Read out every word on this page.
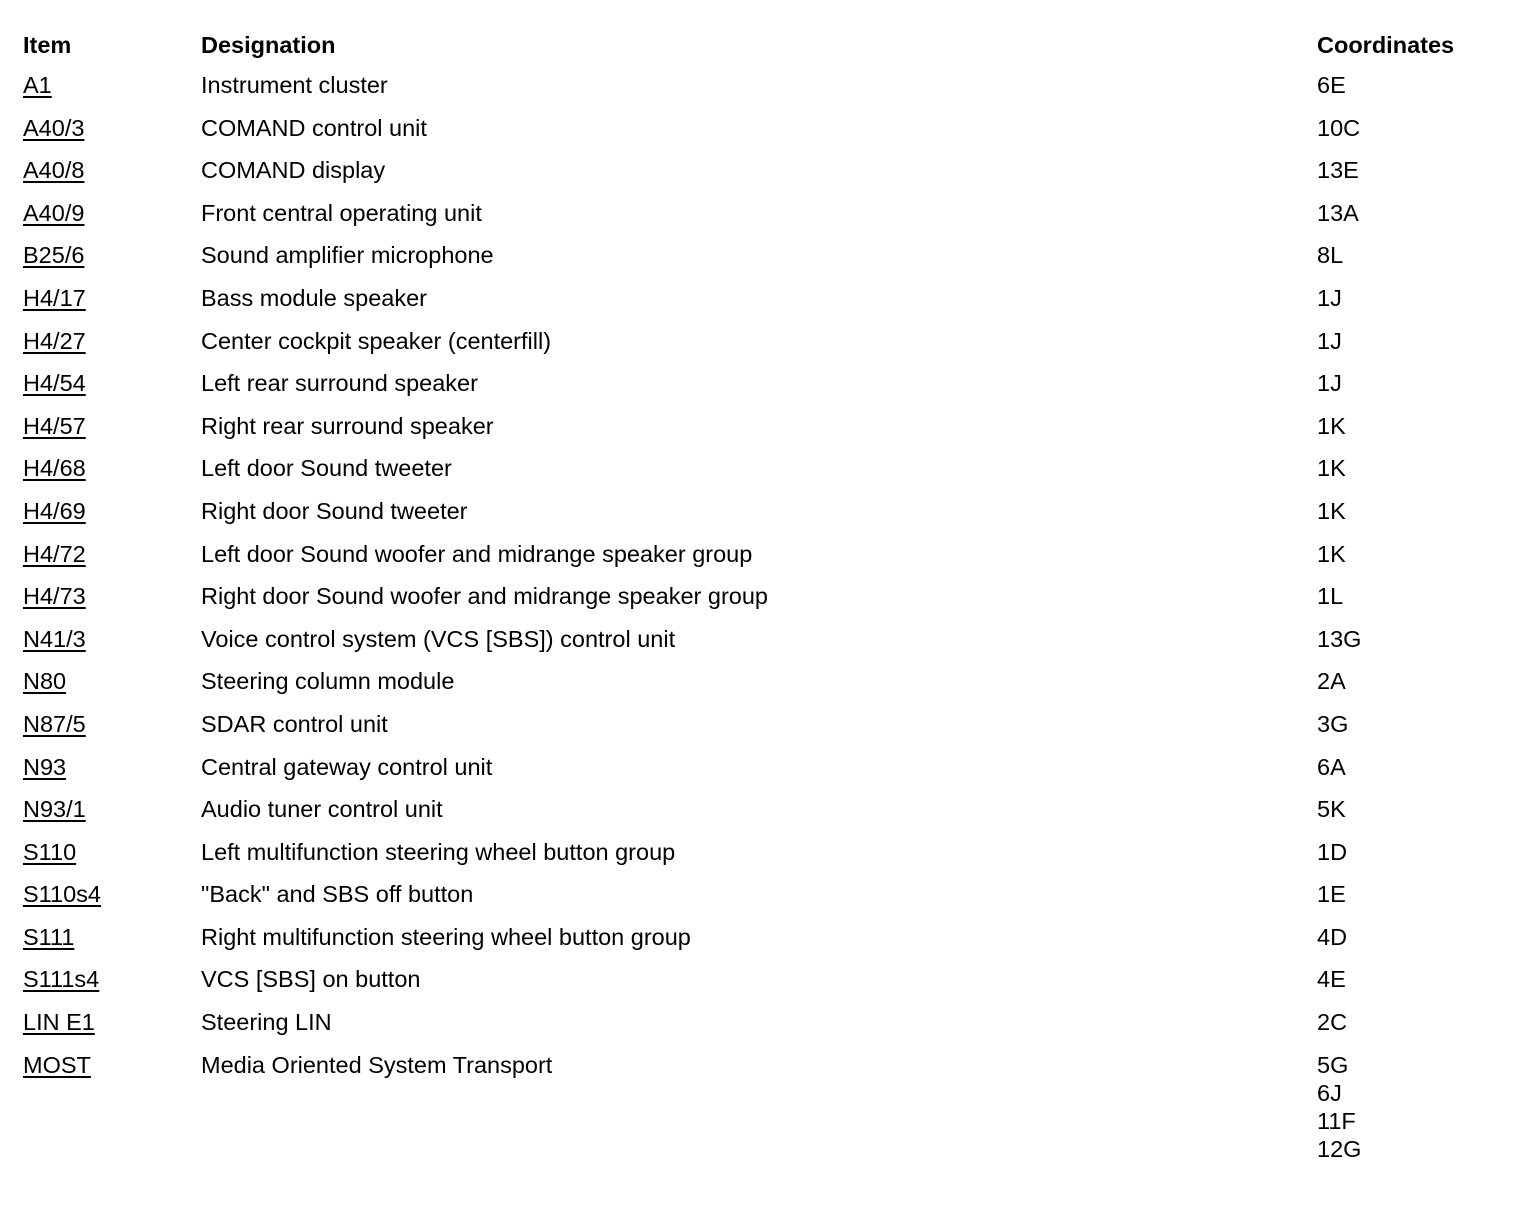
Item	Designation	Coordinates
A1	Instrument cluster	6E

A40/3	COMAND control unit	10C

A40/8	COMAND display	13E

A40/9	Front central operating unit	13A

B25/6	Sound amplifier microphone	8L

H4/17	Bass module speaker	1J

H4/27	Center cockpit speaker (centerfill)	1J

H4/54	Left rear surround speaker	1J

H4/57	Right rear surround speaker	1K

H4/68	Left door Sound tweeter	1K

H4/69	Right door Sound tweeter	1K

H4/72	Left door Sound woofer and midrange speaker group	1K

H4/73	Right door Sound woofer and midrange speaker group	1L

N41/3	Voice control system (VCS [SBS]) control unit	13G

N80	Steering column module	2A

N87/5	SDAR control unit	3G

N93	Central gateway control unit	6A

N93/1	Audio tuner control unit	5K

S110	Left multifunction steering wheel button group	1D

S110s4	"Back" and SBS off button	1E

S111	Right multifunction steering wheel button group	4D

S111s4	VCS [SBS] on button	4E

LIN E1	Steering LIN	2C

MOST	Media Oriented System Transport	5G
6J
11F
12G
